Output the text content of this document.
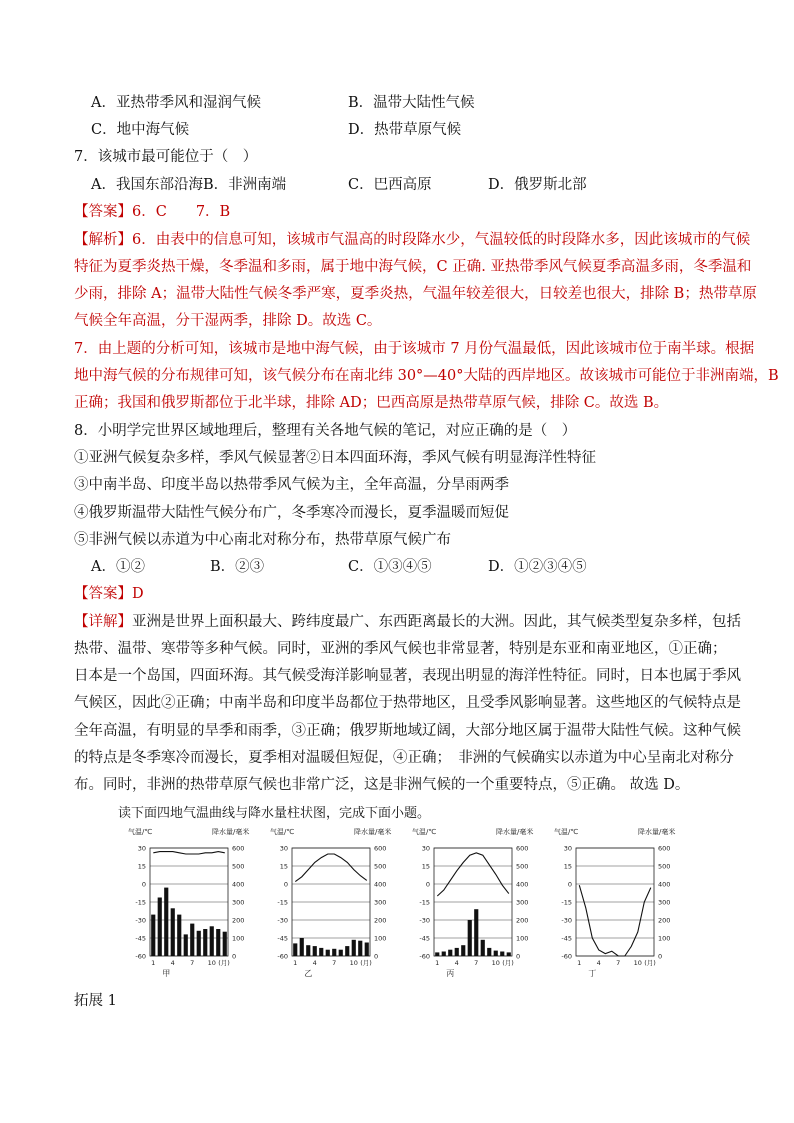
A．亚热带季风和湿润气候	B．温带大陆性气候
C．地中海气候	D．热带草原气候
7．该城市最可能位于（　）
A．我国东部沿海 B．非洲南端	C．巴西高原	D．俄罗斯北部
【答案】6．C　　7．B
【解析】6．由表中的信息可知，该城市气温高的时段降水少，气温较低的时段降水多，因此该城市的气候
特征为夏季炎热干燥，冬季温和多雨，属于地中海气候，C 正确. 亚热带季风气候夏季高温多雨，冬季温和
少雨，排除 A；温带大陆性气候冬季严寒，夏季炎热，气温年较差很大，日较差也很大，排除 B；热带草原
气候全年高温，分干湿两季，排除 D。故选 C。
7．由上题的分析可知，该城市是地中海气候，由于该城市 7 月份气温最低，因此该城市位于南半球。根据
地中海气候的分布规律可知，该气候分布在南北纬 30°—40°大陆的西岸地区。故该城市可能位于非洲南端，B
正确；我国和俄罗斯都位于北半球，排除 AD；巴西高原是热带草原气候，排除 C。故选 B。
8．小明学完世界区域地理后，整理有关各地气候的笔记，对应正确的是（　）
①亚洲气候复杂多样，季风气候显著②日本四面环海，季风气候有明显海洋性特征
③中南半岛、印度半岛以热带季风气候为主，全年高温，分旱雨两季
④俄罗斯温带大陆性气候分布广，冬季寒冷而漫长，夏季温暖而短促
⑤非洲气候以赤道为中心南北对称分布，热带草原气候广布
A．①②	B．②③	C．①③④⑤	D．①②③④⑤
【答案】D
【详解】亚洲是世界上面积最大、跨纬度最广、东西距离最长的大洲。因此，其气候类型复杂多样，包括
热带、温带、寒带等多种气候。同时，亚洲的季风气候也非常显著，特别是东亚和南亚地区，①正确；
日本是一个岛国，四面环海。其气候受海洋影响显著，表现出明显的海洋性特征。同时，日本也属于季风
气候区，因此②正确；中南半岛和印度半岛都位于热带地区，且受季风影响显著。这些地区的气候特点是
全年高温，有明显的旱季和雨季，③正确；俄罗斯地域辽阔，大部分地区属于温带大陆性气候。这种气候
的特点是冬季寒冷而漫长，夏季相对温暖但短促，④正确；　非洲的气候确实以赤道为中心呈南北对称分
布。同时，非洲的热带草原气候也非常广泛，这是非洲气候的一个重要特点，⑤正确。 故选 D。
读下面四地气温曲线与降水量柱状图，完成下面小题。
气温/℃	降水量/毫米
30	600
15	500
0	400
-15	300
-30	200
-45	100
-60	0
1 4 7 10 (月)
甲
气温/℃	降水量/毫米
30	600
15	500
0	400
-15	300
-30	200
-45	100
-60	0
1 4 7 10 (月)
乙
气温/℃	降水量/毫米
30	600
15	500
0	400
-15	300
-30	200
-45	100
-60	0
1 4 7 10 (月)
丙
气温/℃	降水量/毫米
30	600
15	500
0	400
-15	300
-30	200
-45	100
-60	0
1 4 7 10 (月)
丁
拓展 1
